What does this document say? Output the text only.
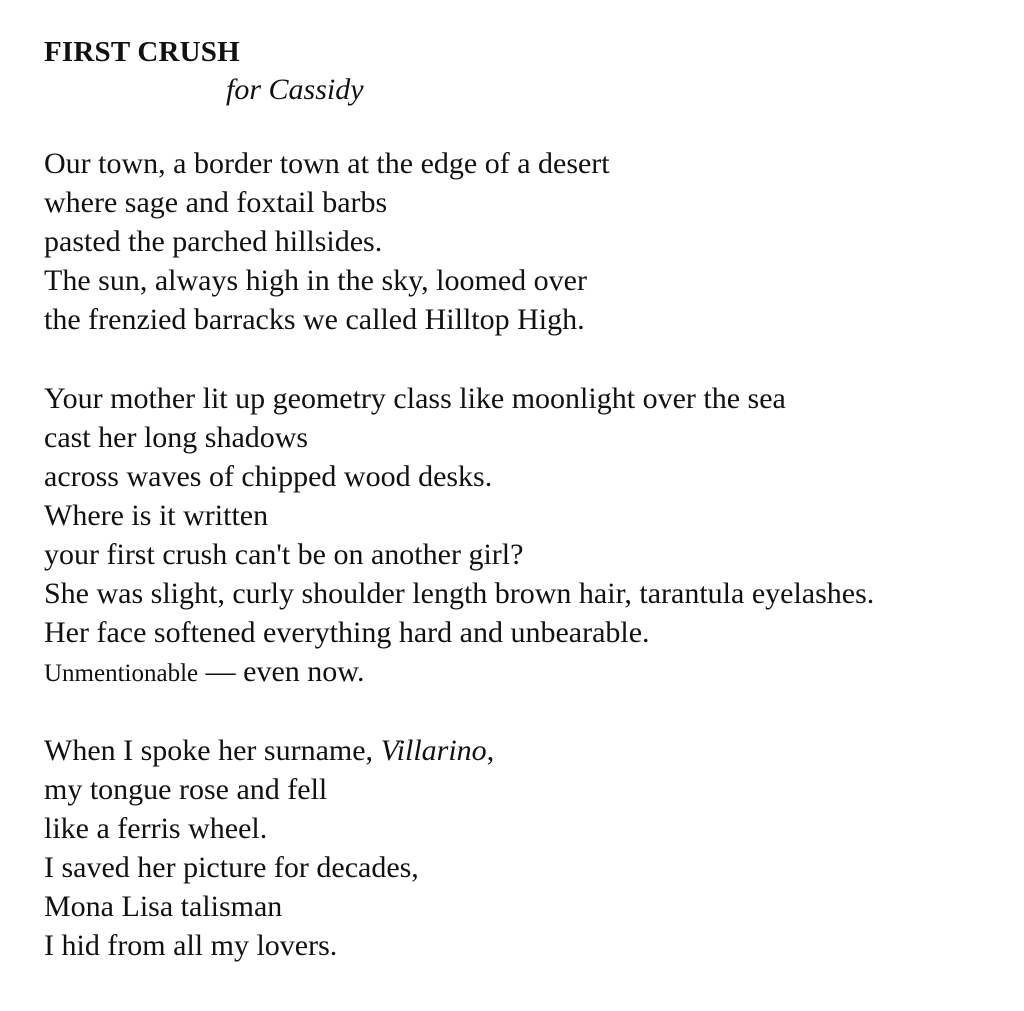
FIRST CRUSH

for Cassidy

Our town, a border town at the edge of a desert
where sage and foxtail barbs
pasted the parched hillsides.
The sun, always high in the sky, loomed over
the frenzied barracks we called Hilltop High.
Your mother lit up geometry class like moonlight over the sea
cast her long shadows
across waves of chipped wood desks.
Where is it written
your first crush can't be on another girl?
She was slight, curly shoulder length brown hair, tarantula eyelashes.
Her face softened everything hard and unbearable.
Unmentionable — even now.
When I spoke her surname, Villarino,
my tongue rose and fell
like a ferris wheel.
I saved her picture for decades,
Mona Lisa talisman
I hid from all my lovers.
